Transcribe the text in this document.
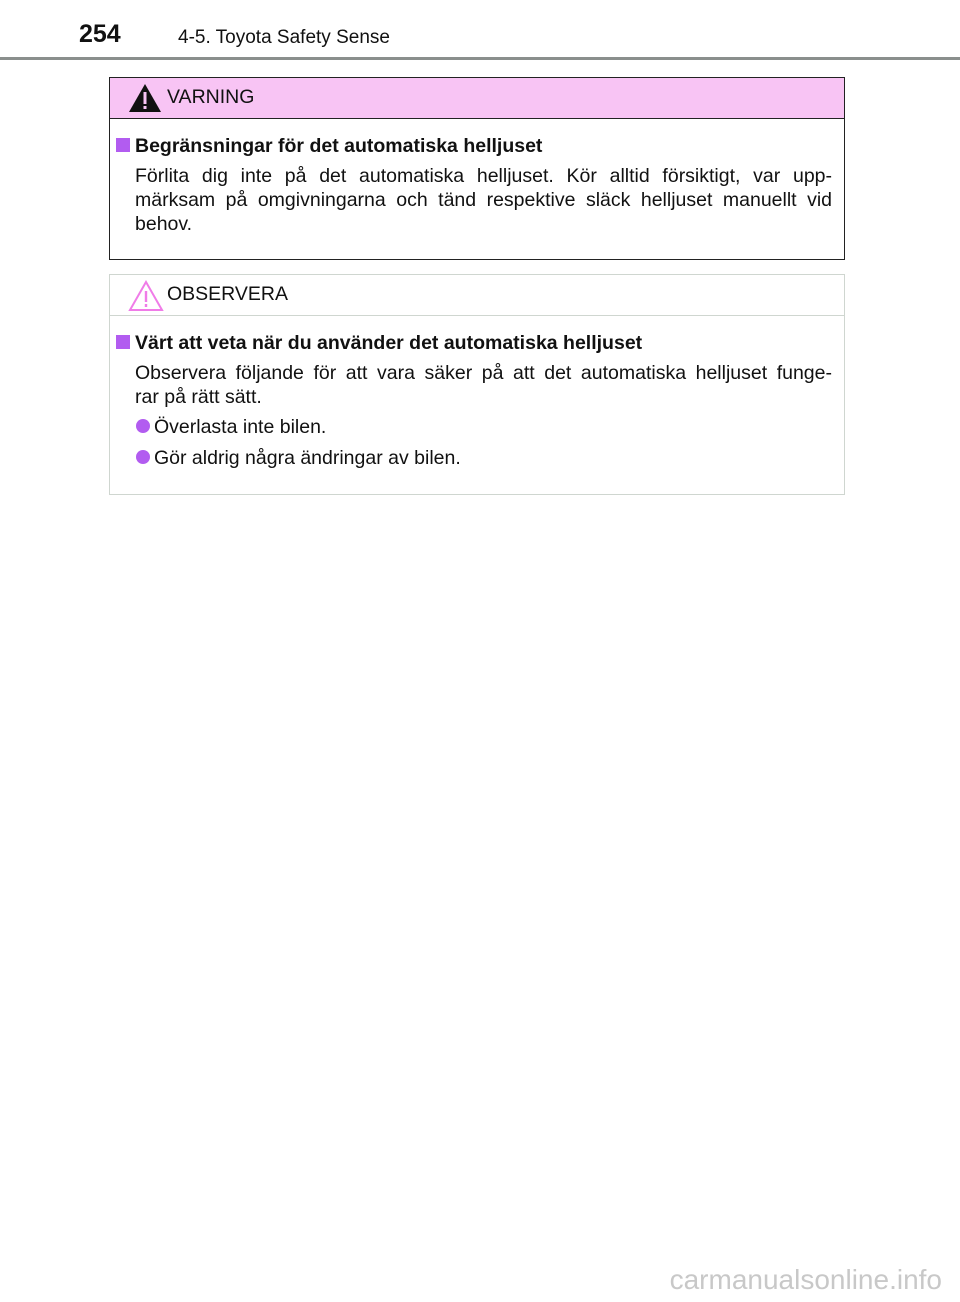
254	4-5. Toyota Safety Sense
VARNING
Begränsningar för det automatiska helljuset
Förlita dig inte på det automatiska helljuset. Kör alltid försiktigt, var upp-
märksam på omgivningarna och tänd respektive släck helljuset manuellt vid
behov.
OBSERVERA
Värt att veta när du använder det automatiska helljuset
Observera följande för att vara säker på att det automatiska helljuset funge-
rar på rätt sätt.
Överlasta inte bilen.
Gör aldrig några ändringar av bilen.
carmanualsonline.info
